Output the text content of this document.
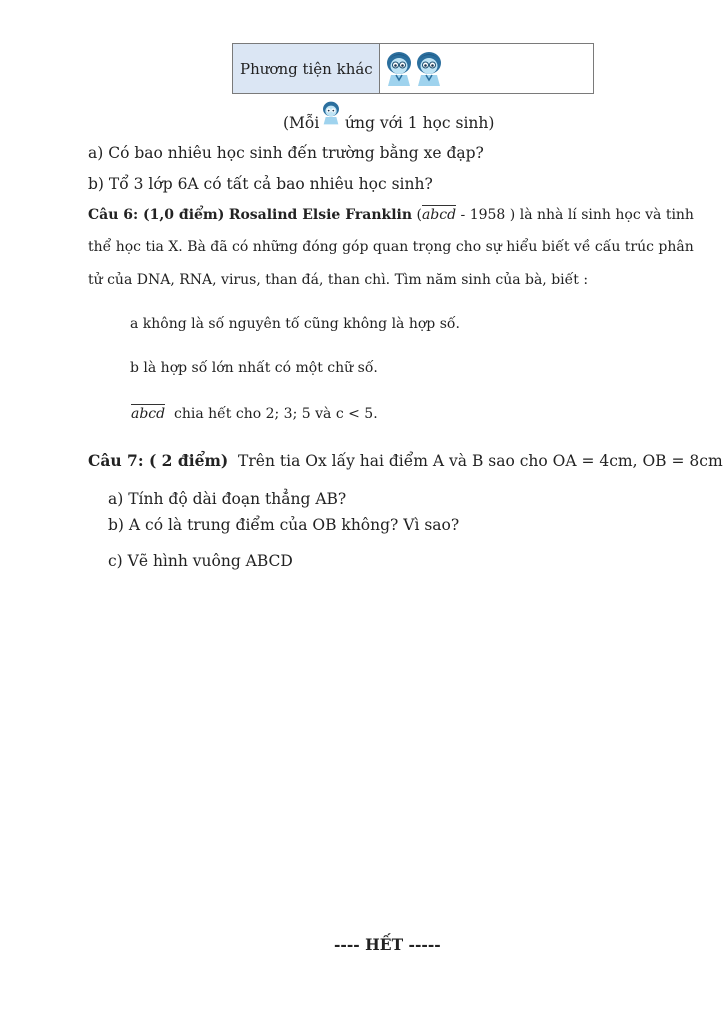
Phương tiện khác
(Mỗi ứng với 1 học sinh)
a) Có bao nhiêu học sinh đến trường bằng xe đạp?
b) Tổ 3 lớp 6A có tất cả bao nhiêu học sinh?
Câu 6: (1,0 điểm) Rosalind Elsie Franklin (abcd - 1958 ) là nhà lí sinh học và tinh
thể học tia X. Bà đã có những đóng góp quan trọng cho sự hiểu biết về cấu trúc phân
tử của DNA, RNA, virus, than đá, than chì. Tìm năm sinh của bà, biết :
a không là số nguyên tố cũng không là hợp số.
b là hợp số lớn nhất có một chữ số.
abcd chia hết cho 2; 3; 5 và c < 5.
Câu 7: ( 2 điểm) Trên tia Ox lấy hai điểm A và B sao cho OA = 4cm, OB = 8cm
a) Tính độ dài đoạn thẳng AB?
b) A có là trung điểm của OB không? Vì sao?
c) Vẽ hình vuông ABCD
---- HẾT -----
